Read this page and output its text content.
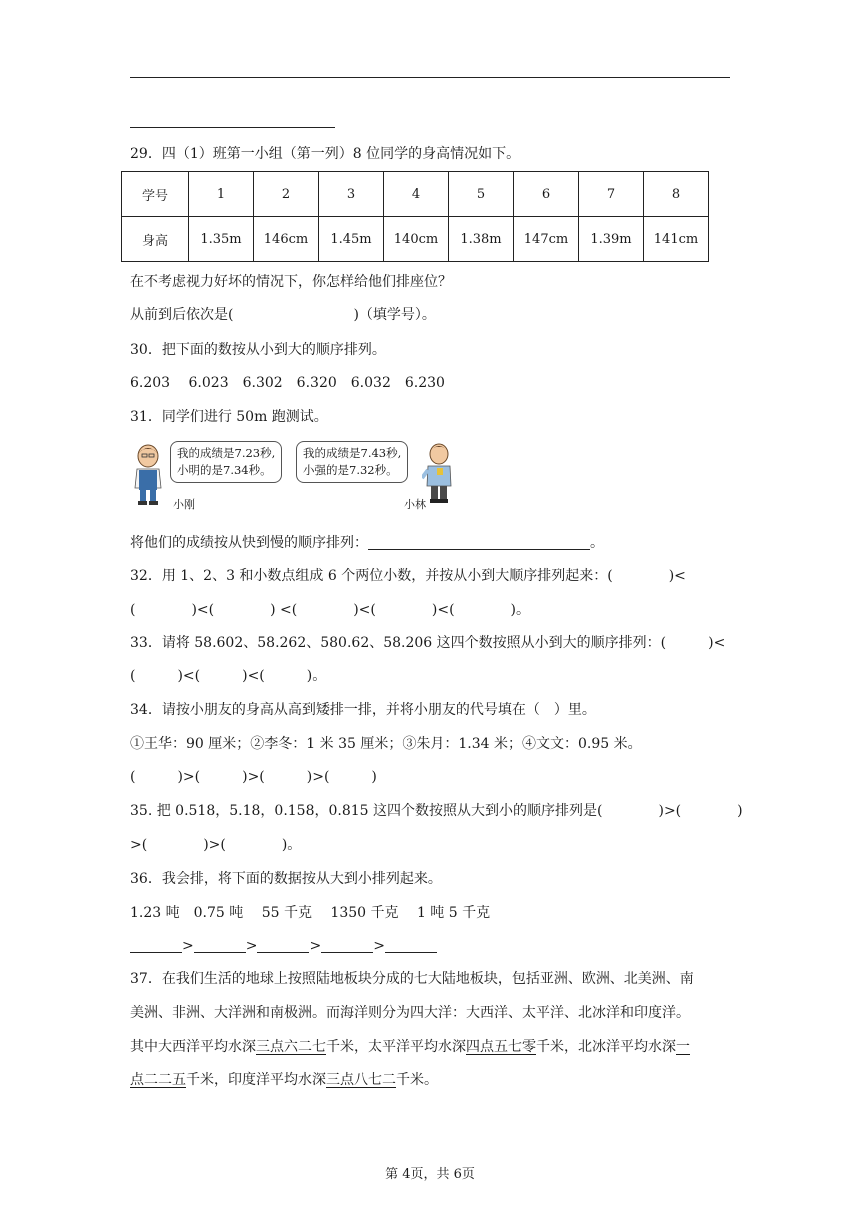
29．四（1）班第一小组（第一列）8 位同学的身高情况如下。
学号	1	2	3	4	5	6	7	8
身高	1.35m	146cm	1.45m	140cm	1.38m	147cm	1.39m	141cm
在不考虑视力好坏的情况下，你怎样给他们排座位？
从前到后依次是(	)（填学号）。
30．把下面的数按从小到大的顺序排列。
6.203　 6.023　6.302　6.320　6.032　6.230
31．同学们进行 50m 跑测试。
我的成绩是7.23秒,
小明的是7.34秒。
小刚
我的成绩是7.43秒,
小强的是7.32秒。
小林
将他们的成绩按从快到慢的顺序排列：	。
32．用 1、2、3 和小数点组成 6 个两位小数，并按从小到大顺序排列起来：(　　　　)<
(　　　　)<(　　　　) <(　　　　)<(　　　　)<(　　　　)。
33．请将 58.602、58.262、580.62、58.206 这四个数按照从小到大的顺序排列：(　　　)<
(　　　)<(　　　)<(　　　)。
34．请按小朋友的身高从高到矮排一排，并将小朋友的代号填在（　）里。
①王华：90 厘米；②李冬：1 米 35 厘米；③朱月：1.34 米；④文文：0.95 米。
(　　　)>(　　　)>(　　　)>(　　　)
35. 把 0.518，5.18，0.158，0.815 这四个数按照从大到小的顺序排列是(　　　　)>(　　　　)
>(　　　　)>(　　　　)。
36．我会排，将下面的数据按从大到小排列起来。
1.23 吨　0.75 吨　 55 千克　 1350 千克　 1 吨 5 千克
>	>	>	>
37．在我们生活的地球上按照陆地板块分成的七大陆地板块，包括亚洲、欧洲、北美洲、南
美洲、非洲、大洋洲和南极洲。而海洋则分为四大洋：大西洋、太平洋、北冰洋和印度洋。
其中大西洋平均水深三点六二七千米，太平洋平均水深四点五七零千米，北冰洋平均水深一
点二二五千米，印度洋平均水深三点八七二千米。
第 4页，共 6页
